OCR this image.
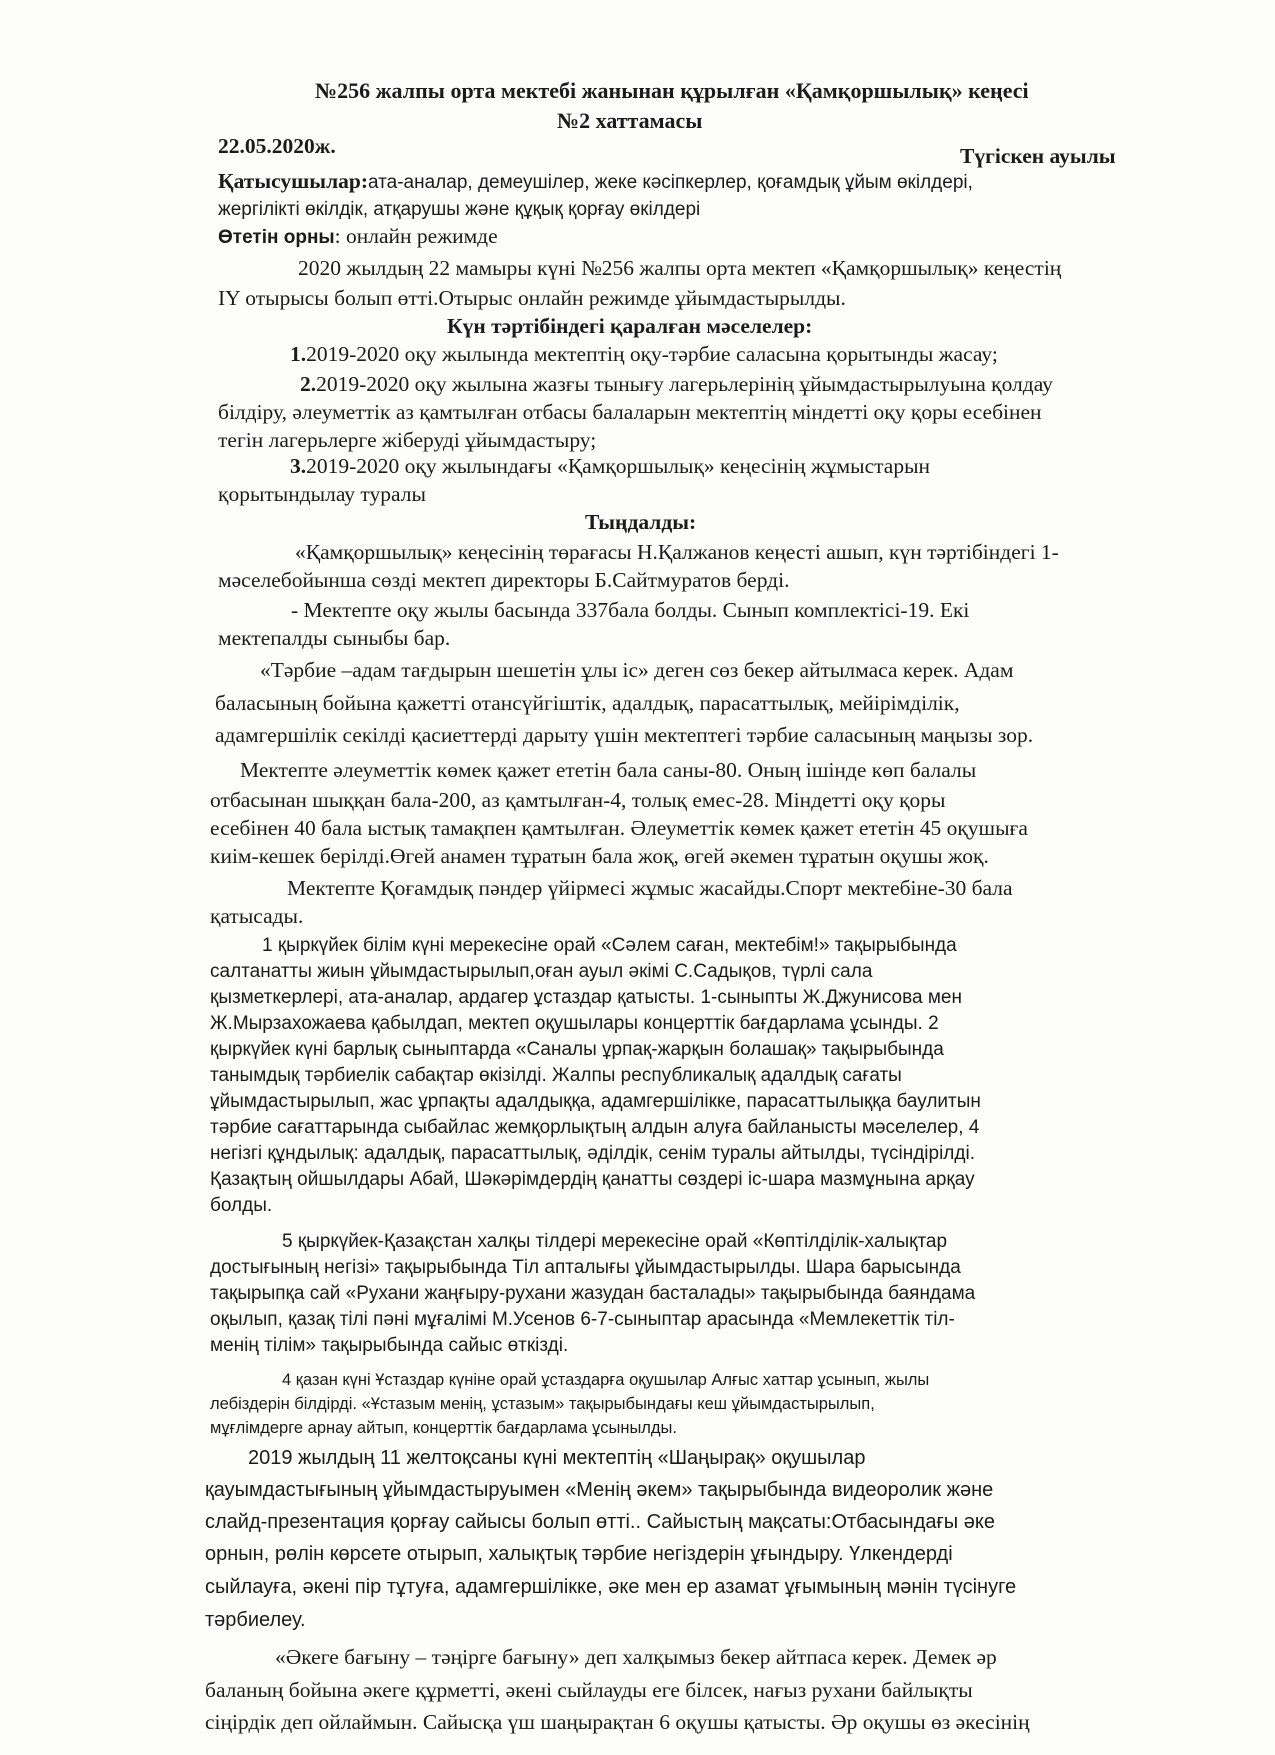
№256 жалпы орта мектебі жанынан құрылған «Қамқоршылық» кеңесі
№2 хаттамасы
22.05.2020ж.	Түгіскен ауылы
Қатысушылар:ата-аналар, демеушілер, жеке кәсіпкерлер, қоғамдық ұйым өкілдері,
жергілікті өкілдік, атқарушы және құқық қорғау өкілдері
Өтетін орны: онлайн режимде
2020 жылдың 22 мамыры күні №256 жалпы орта мектеп «Қамқоршылық» кеңестің
ІY отырысы болып өтті.Отырыс онлайн режимде ұйымдастырылды.
Күн тәртібіндегі қаралған мәселелер:
1.2019-2020 оқу жылында мектептің оқу-тәрбие саласына қорытынды жасау;
2.2019-2020 оқу жылына жазғы тынығу лагерьлерінің ұйымдастырылуына қолдау
білдіру, әлеуметтік аз қамтылған отбасы балаларын мектептің міндетті оқу қоры есебінен
тегін лагерьлерге жіберуді ұйымдастыру;
3.2019-2020 оқу жылындағы «Қамқоршылық» кеңесінің жұмыстарын
қорытындылау туралы
Тыңдалды:
«Қамқоршылық» кеңесінің төрағасы Н.Қалжанов кеңесті ашып, күн тәртібіндегі 1-
мәселебойынша сөзді мектеп директоры Б.Сайтмуратов берді.
- Мектепте оқу жылы басында 337бала болды. Сынып комплектісі-19. Екі
мектепалды сыныбы бар.
«Тәрбие –адам тағдырын шешетін ұлы іс» деген сөз бекер айтылмаса керек. Адам
баласының бойына қажетті отансүйгіштік, адалдық, парасаттылық, мейірімділік,
адамгершілік секілді қасиеттерді дарыту үшін мектептегі тәрбие саласының маңызы зор.
Мектепте әлеуметтік көмек қажет ететін бала саны-80. Оның ішінде көп балалы
отбасынан шыққан бала-200, аз қамтылған-4, толық емес-28. Міндетті оқу қоры
есебінен 40 бала ыстық тамақпен қамтылған. Әлеуметтік көмек қажет ететін 45 оқушыға
киім-кешек берілді.Өгей анамен тұратын бала жоқ, өгей әкемен тұратын оқушы жоқ.
Мектепте Қоғамдық пәндер үйірмесі жұмыс жасайды.Спорт мектебіне-30 бала
қатысады.
1 қыркүйек білім күні мерекесіне орай «Сәлем саған, мектебім!» тақырыбында
салтанатты жиын ұйымдастырылып,оған ауыл әкімі С.Садықов, түрлі сала
қызметкерлері, ата-аналар, ардагер ұстаздар қатысты. 1-сыныпты Ж.Джунисова мен
Ж.Мырзахожаева қабылдап, мектеп оқушылары концерттік бағдарлама ұсынды. 2
қыркүйек күні барлық сыныптарда «Саналы ұрпақ-жарқын болашақ» тақырыбында
танымдық тәрбиелік сабақтар өкізілді. Жалпы республикалық адалдық сағаты
ұйымдастырылып, жас ұрпақты адалдыққа, адамгершілікке, парасаттылыққа баулитын
тәрбие сағаттарында сыбайлас жемқорлықтың алдын алуға байланысты мәселелер, 4
негізгі құндылық: адалдық, парасаттылық, әділдік, сенім туралы айтылды, түсіндірілді.
Қазақтың ойшылдары Абай, Шәкәрімдердің қанатты сөздері іс-шара мазмұнына арқау
болды.
5 қыркүйек-Қазақстан халқы тілдері мерекесіне орай «Көптілділік-халықтар
достығының негізі» тақырыбында Тіл апталығы ұйымдастырылды. Шара барысында
тақырыпқа сай «Рухани жаңғыру-рухани жазудан басталады» тақырыбында баяндама
оқылып, қазақ тілі пәні мұғалімі М.Усенов 6-7-сыныптар арасында «Мемлекеттік тіл-
менің тілім» тақырыбында сайыс өткізді.
4 қазан күні Ұстаздар күніне орай ұстаздарға оқушылар Алғыс хаттар ұсынып, жылы
лебіздерін білдірді. «Ұстазым менің, ұстазым» тақырыбындағы кеш ұйымдастырылып,
мұғлімдерге арнау айтып, концерттік бағдарлама ұсынылды.
2019 жылдың 11 желтоқсаны күні мектептің «Шаңырақ» оқушылар
қауымдастығының ұйымдастыруымен «Менің әкем» тақырыбында видеоролик және
слайд-презентация қорғау сайысы болып өтті.. Сайыстың мақсаты:Отбасындағы әке
орнын, рөлін көрсете отырып, халықтық тәрбие негіздерін ұғындыру. Үлкендерді
сыйлауға, әкені пір тұтуға, адамгершілікке, әке мен ер азамат ұғымының мәнін түсінуге
тәрбиелеу.
«Әкеге бағыну – тәңірге бағыну» деп халқымыз бекер айтпаса керек. Демек әр
баланың бойына әкеге құрметті, әкені сыйлауды еге білсек, нағыз рухани байлықты
сіңірдік деп ойлаймын. Сайысқа үш шаңырақтан 6 оқушы қатысты. Әр оқушы өз әкесінің
